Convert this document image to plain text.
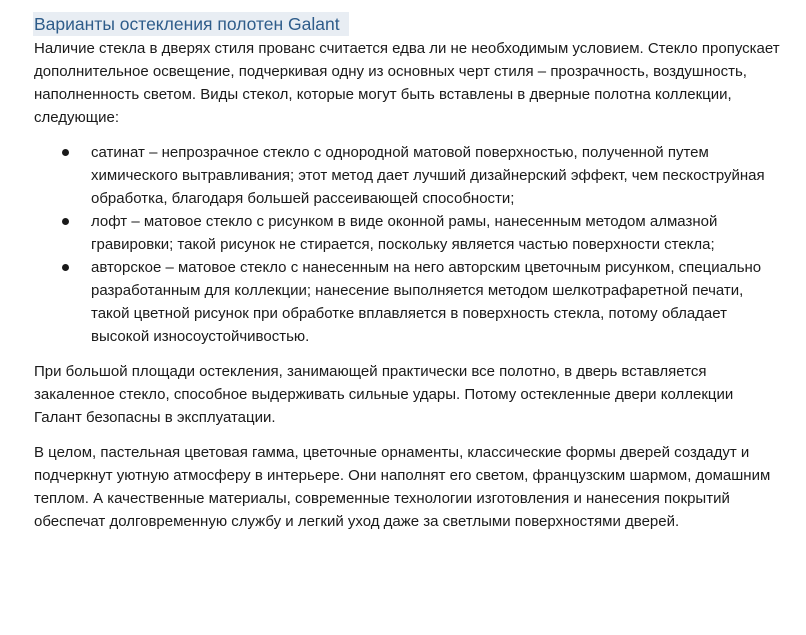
Варианты остекления полотен Galant

Наличие стекла в дверях стиля прованс считается едва ли не необходимым условием. Стекло пропускает дополнительное освещение, подчеркивая одну из основных черт стиля – прозрачность, воздушность, наполненность светом. Виды стекол, которые могут быть вставлены в дверные полотна коллекции, следующие:

сатинат – непрозрачное стекло с однородной матовой поверхностью, полученной путем химического вытравливания; этот метод дает лучший дизайнерский эффект, чем пескоструйная обработка, благодаря большей рассеивающей способности;
лофт – матовое стекло с рисунком в виде оконной рамы, нанесенным методом алмазной гравировки; такой рисунок не стирается, поскольку является частью поверхности стекла;
авторское – матовое стекло с нанесенным на него авторским цветочным рисунком, специально разработанным для коллекции; нанесение выполняется методом шелкотрафаретной печати, такой цветной рисунок при обработке вплавляется в поверхность стекла, потому обладает высокой износоустойчивостью.

При большой площади остекления, занимающей практически все полотно, в дверь вставляется закаленное стекло, способное выдерживать сильные удары. Потому остекленные двери коллекции Галант безопасны в эксплуатации.

В целом, пастельная цветовая гамма, цветочные орнаменты, классические формы дверей создадут и подчеркнут уютную атмосферу в интерьере. Они наполнят его светом, французским шармом, домашним теплом. А качественные материалы, современные технологии изготовления и нанесения покрытий обеспечат долговременную службу и легкий уход даже за светлыми поверхностями дверей.
